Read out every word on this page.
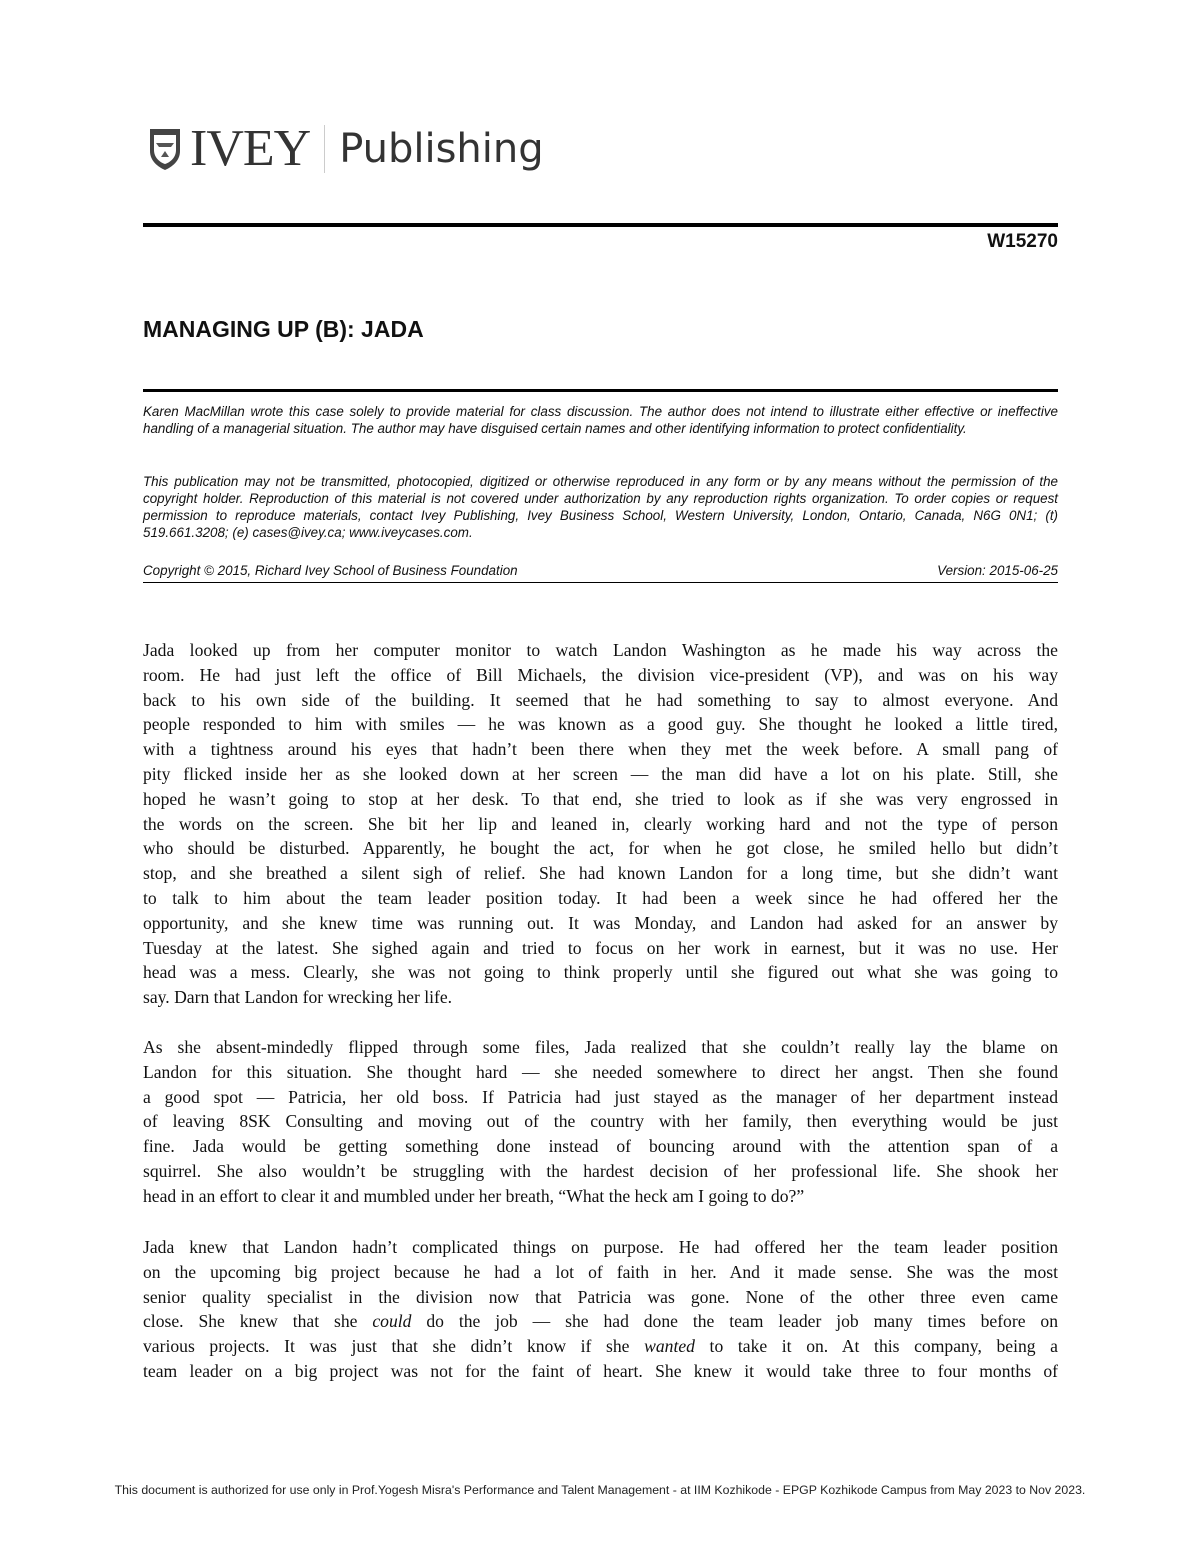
IVEY Publishing
W15270
MANAGING UP (B): JADA
Karen MacMillan wrote this case solely to provide material for class discussion. The author does not intend to illustrate either effective or ineffective handling of a managerial situation. The author may have disguised certain names and other identifying information to protect confidentiality.
This publication may not be transmitted, photocopied, digitized or otherwise reproduced in any form or by any means without the permission of the copyright holder. Reproduction of this material is not covered under authorization by any reproduction rights organization. To order copies or request permission to reproduce materials, contact Ivey Publishing, Ivey Business School, Western University, London, Ontario, Canada, N6G 0N1; (t) 519.661.3208; (e) cases@ivey.ca; www.iveycases.com.
Copyright © 2015, Richard Ivey School of Business Foundation	Version: 2015-06-25
Jada looked up from her computer monitor to watch Landon Washington as he made his way across the
room. He had just left the office of Bill Michaels, the division vice-president (VP), and was on his way
back to his own side of the building. It seemed that he had something to say to almost everyone. And
people responded to him with smiles — he was known as a good guy. She thought he looked a little tired,
with a tightness around his eyes that hadn’t been there when they met the week before. A small pang of
pity flicked inside her as she looked down at her screen — the man did have a lot on his plate. Still, she
hoped he wasn’t going to stop at her desk. To that end, she tried to look as if she was very engrossed in
the words on the screen. She bit her lip and leaned in, clearly working hard and not the type of person
who should be disturbed. Apparently, he bought the act, for when he got close, he smiled hello but didn’t
stop, and she breathed a silent sigh of relief. She had known Landon for a long time, but she didn’t want
to talk to him about the team leader position today. It had been a week since he had offered her the
opportunity, and she knew time was running out. It was Monday, and Landon had asked for an answer by
Tuesday at the latest. She sighed again and tried to focus on her work in earnest, but it was no use. Her
head was a mess. Clearly, she was not going to think properly until she figured out what she was going to
say. Darn that Landon for wrecking her life.
As she absent-mindedly flipped through some files, Jada realized that she couldn’t really lay the blame on
Landon for this situation. She thought hard — she needed somewhere to direct her angst. Then she found
a good spot — Patricia, her old boss. If Patricia had just stayed as the manager of her department instead
of leaving 8SK Consulting and moving out of the country with her family, then everything would be just
fine. Jada would be getting something done instead of bouncing around with the attention span of a
squirrel. She also wouldn’t be struggling with the hardest decision of her professional life. She shook her
head in an effort to clear it and mumbled under her breath, “What the heck am I going to do?”
Jada knew that Landon hadn’t complicated things on purpose. He had offered her the team leader position
on the upcoming big project because he had a lot of faith in her. And it made sense. She was the most
senior quality specialist in the division now that Patricia was gone. None of the other three even came
close. She knew that she could do the job — she had done the team leader job many times before on
various projects. It was just that she didn’t know if she wanted to take it on. At this company, being a
team leader on a big project was not for the faint of heart. She knew it would take three to four months of
This document is authorized for use only in Prof.Yogesh Misra's Performance and Talent Management - at IIM Kozhikode - EPGP Kozhikode Campus from May 2023 to Nov 2023.
